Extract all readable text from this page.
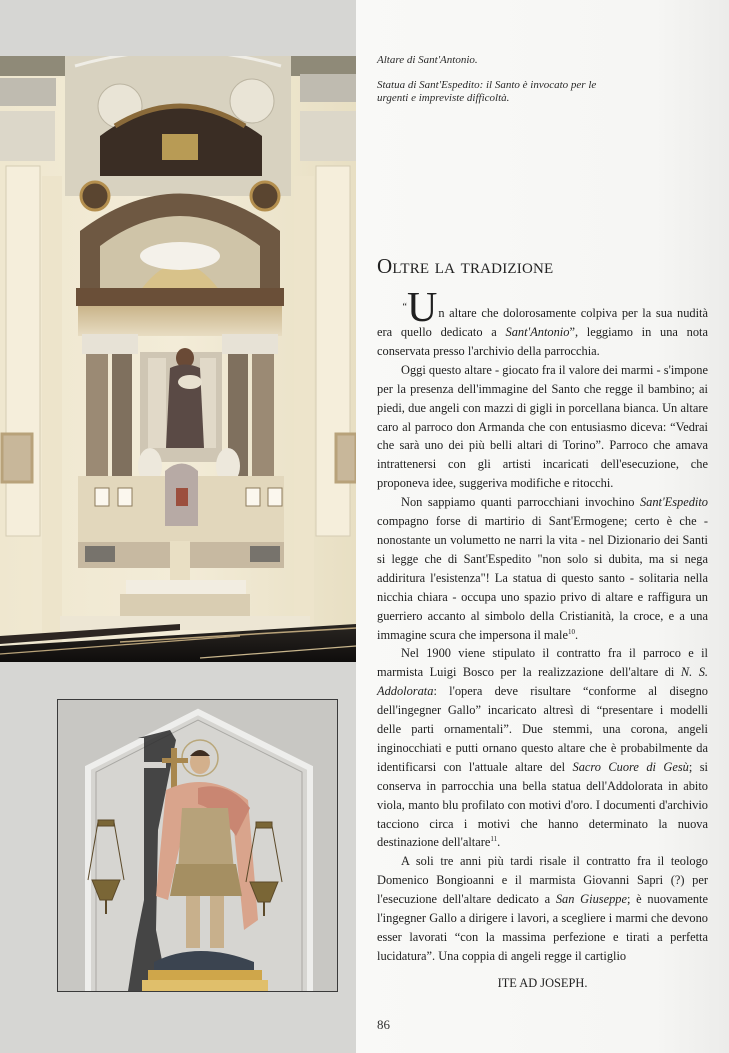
Altare di Sant'Antonio.

Statua di Sant'Espedito: il Santo è invocato per le urgenti e impreviste difficoltà.

Oltre la tradizione

“Un altare che dolorosamente colpiva per la sua nudità era quello dedicato a Sant'Antonio”, leggiamo in una nota conservata presso l'archivio della parrocchia.

Oggi questo altare - giocato fra il valore dei marmi - s'impone per la presenza dell'immagine del Santo che regge il bambino; ai piedi, due angeli con mazzi di gigli in porcellana bianca. Un altare caro al parroco don Armanda che con entusiasmo diceva: “Vedrai che sarà uno dei più belli altari di Torino”. Parroco che amava intrattenersi con gli artisti incaricati dell'esecuzione, che proponeva idee, suggeriva modifiche e ritocchi.

Non sappiamo quanti parrocchiani invochino Sant'Espedito compagno forse di martirio di Sant'Ermogene; certo è che - nonostante un volumetto ne narri la vita - nel Dizionario dei Santi si legge che di Sant'Espedito "non solo si dubita, ma si nega addiritura l'esistenza"! La statua di questo santo - solitaria nella nicchia chiara - occupa uno spazio privo di altare e raffigura un guerriero accanto al simbolo della Cristianità, la croce, e a una immagine scura che impersona il male$^{10}$.

Nel 1900 viene stipulato il contratto fra il parroco e il marmista Luigi Bosco per la realizzazione dell'altare di N. S. Addolorata: l'opera deve risultare “conforme al disegno dell'ingegner Gallo” incaricato altresì di “presentare i modelli delle parti ornamentali”. Due stemmi, una corona, angeli inginocchiati e putti ornano questo altare che è probabilmente da identificarsi con l'attuale altare del Sacro Cuore di Gesù; si conserva in parrocchia una bella statua dell'Addolorata in abito viola, manto blu profilato con motivi d'oro. I documenti d'archivio tacciono circa i motivi che hanno determinato la nuova destinazione dell'altare$^{11}$.

A soli tre anni più tardi risale il contratto fra il teologo Domenico Bongioanni e il marmista Giovanni Sapri (?) per l'esecuzione dell'altare dedicato a San Giuseppe; è nuovamente l'ingegner Gallo a dirigere i lavori, a scegliere i marmi che devono esser lavorati “con la massima perfezione e tirati a perfetta lucidatura”. Una coppia di angeli regge il cartiglio

ITE AD JOSEPH.
86
